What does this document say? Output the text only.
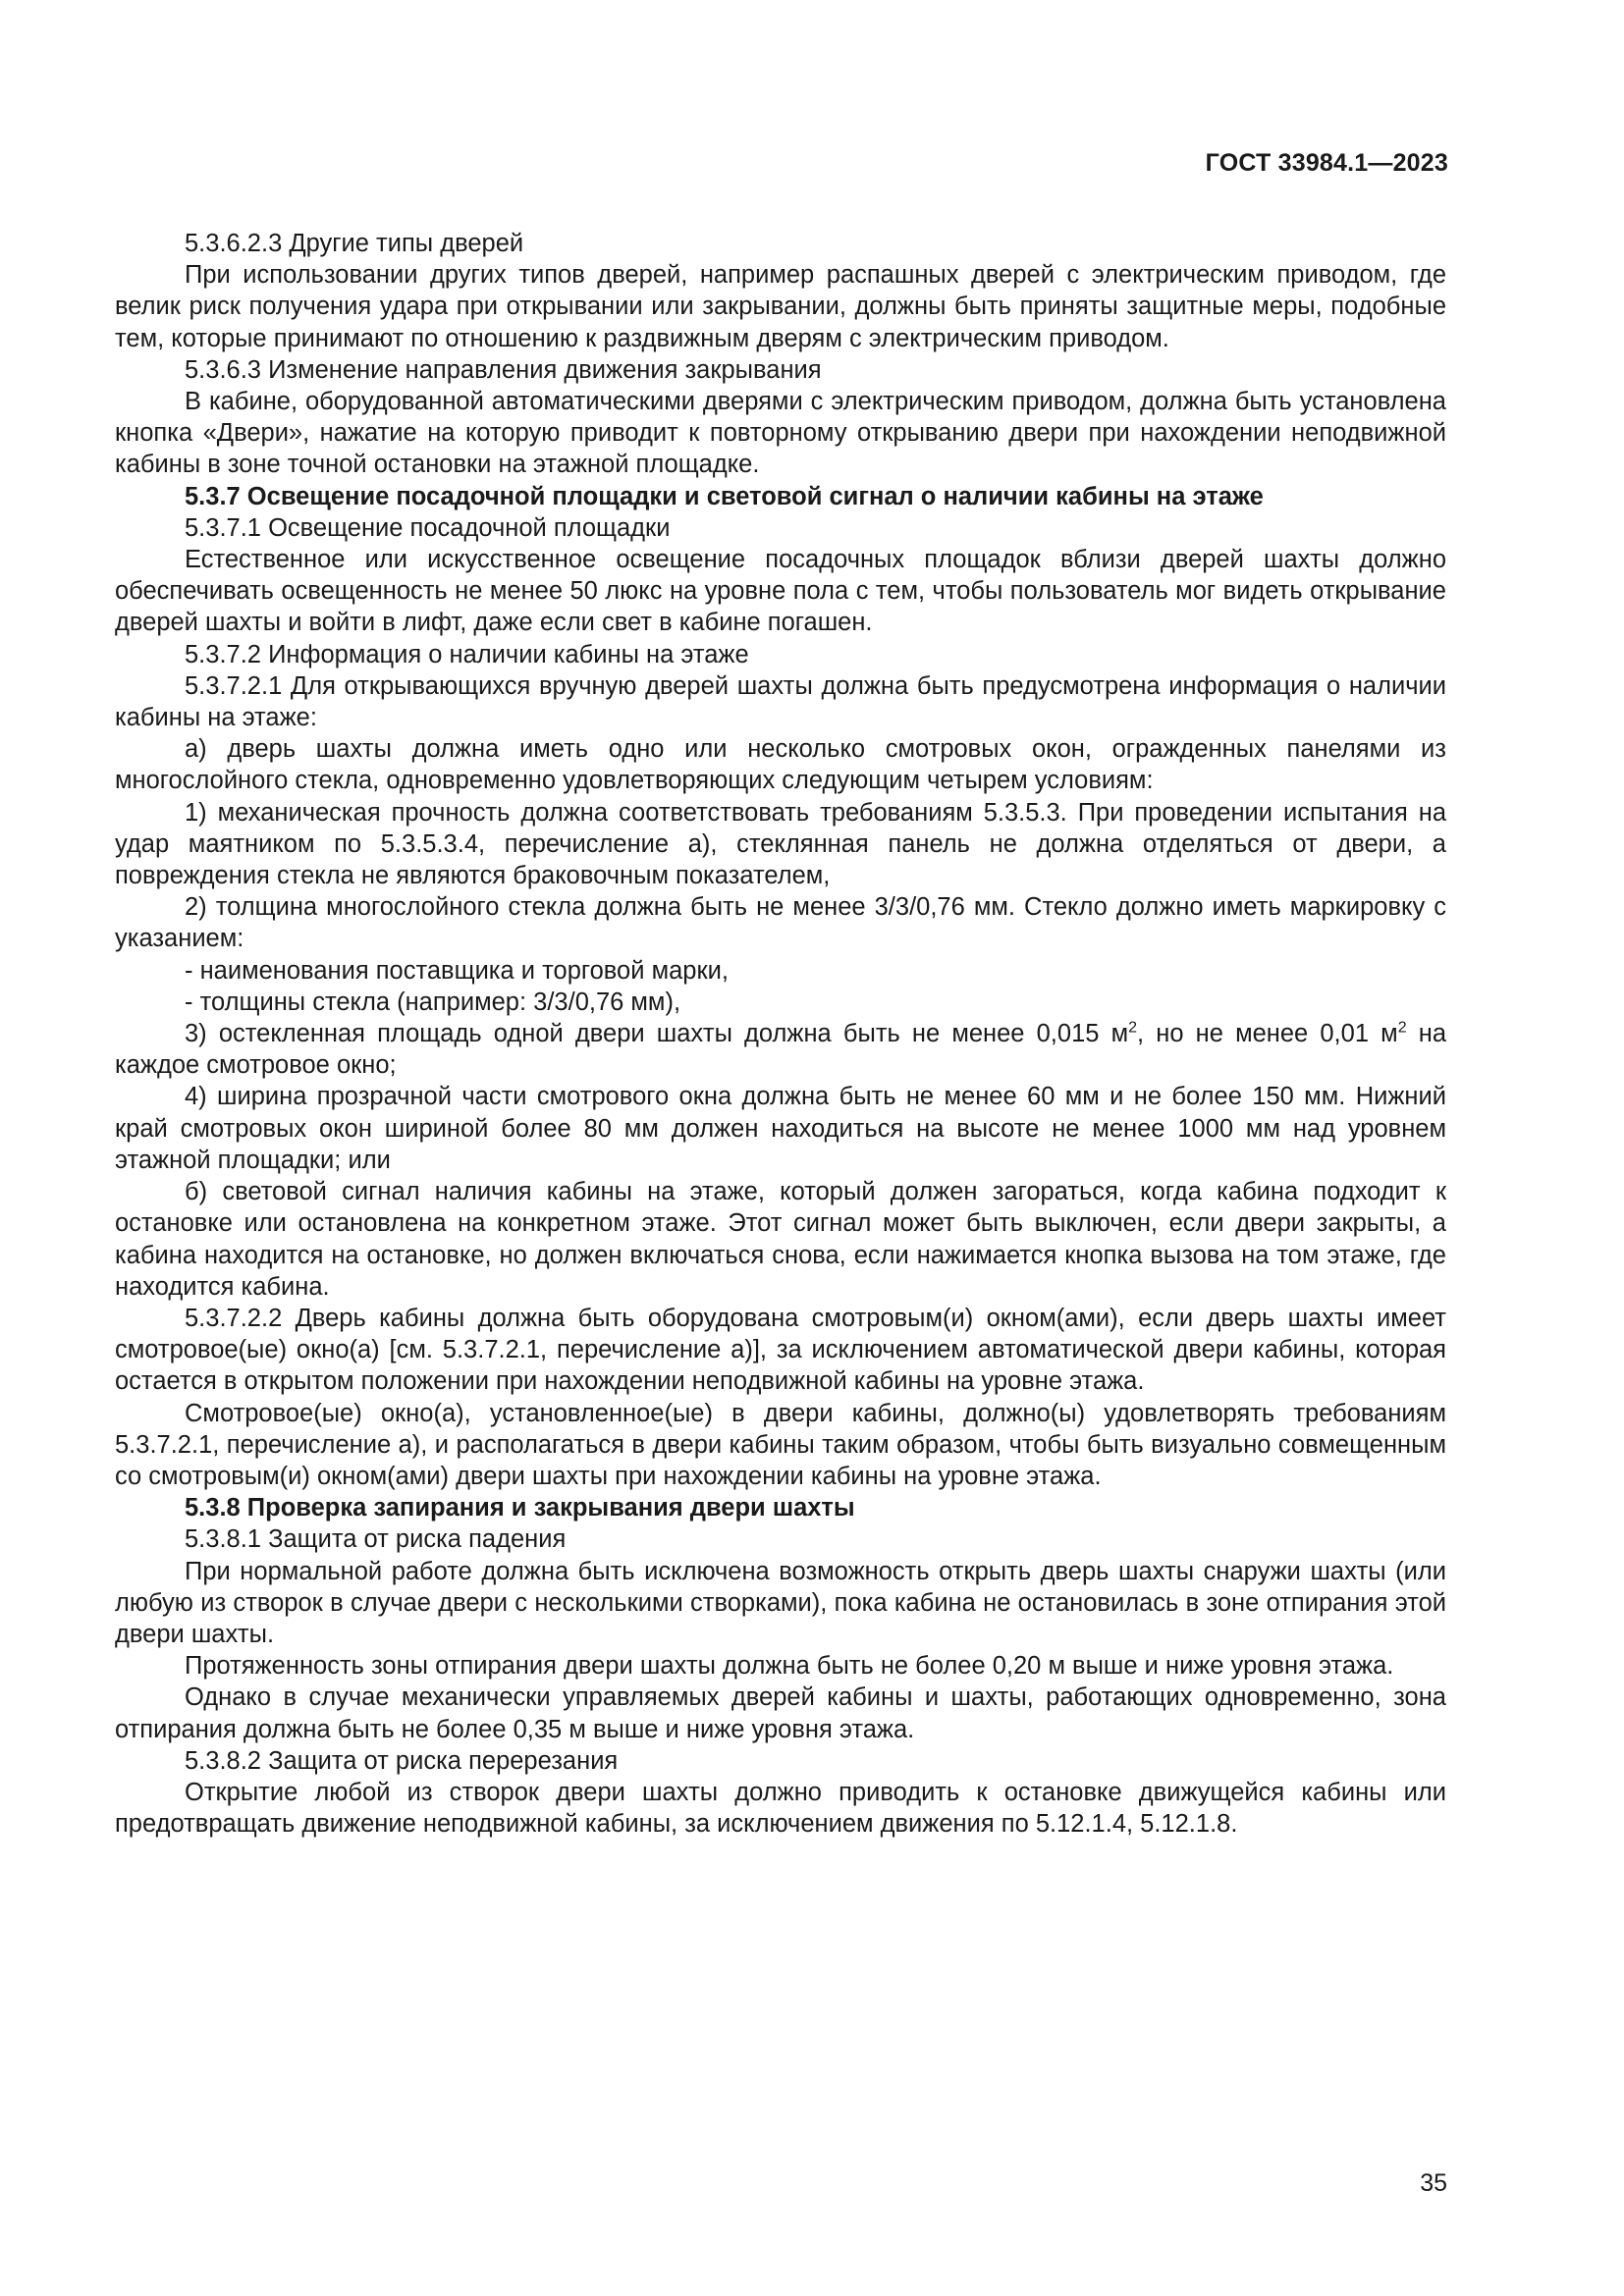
ГОСТ 33984.1—2023

5.3.6.2.3 Другие типы дверей

При использовании других типов дверей, например распашных дверей с электрическим приводом, где велик риск получения удара при открывании или закрывании, должны быть приняты защитные меры, подобные тем, которые принимают по отношению к раздвижным дверям с электрическим приводом.

5.3.6.3 Изменение направления движения закрывания

В кабине, оборудованной автоматическими дверями с электрическим приводом, должна быть установлена кнопка «Двери», нажатие на которую приводит к повторному открыванию двери при нахождении неподвижной кабины в зоне точной остановки на этажной площадке.

5.3.7 Освещение посадочной площадки и световой сигнал о наличии кабины на этаже

5.3.7.1 Освещение посадочной площадки

Естественное или искусственное освещение посадочных площадок вблизи дверей шахты должно обеспечивать освещенность не менее 50 люкс на уровне пола с тем, чтобы пользователь мог видеть открывание дверей шахты и войти в лифт, даже если свет в кабине погашен.

5.3.7.2 Информация о наличии кабины на этаже

5.3.7.2.1 Для открывающихся вручную дверей шахты должна быть предусмотрена информация о наличии кабины на этаже:

а) дверь шахты должна иметь одно или несколько смотровых окон, огражденных панелями из многослойного стекла, одновременно удовлетворяющих следующим четырем условиям:

1) механическая прочность должна соответствовать требованиям 5.3.5.3. При проведении испытания на удар маятником по 5.3.5.3.4, перечисление а), стеклянная панель не должна отделяться от двери, а повреждения стекла не являются браковочным показателем,

2) толщина многослойного стекла должна быть не менее 3/3/0,76 мм. Стекло должно иметь маркировку с указанием:

- наименования поставщика и торговой марки,

- толщины стекла (например: 3/3/0,76 мм),

3) остекленная площадь одной двери шахты должна быть не менее 0,015 $м^2$, но не менее 0,01 $м^2$ на каждое смотровое окно;

4) ширина прозрачной части смотрового окна должна быть не менее 60 мм и не более 150 мм. Нижний край смотровых окон шириной более 80 мм должен находиться на высоте не менее 1000 мм над уровнем этажной площадки; или

б) световой сигнал наличия кабины на этаже, который должен загораться, когда кабина подходит к остановке или остановлена на конкретном этаже. Этот сигнал может быть выключен, если двери закрыты, а кабина находится на остановке, но должен включаться снова, если нажимается кнопка вызова на том этаже, где находится кабина.

5.3.7.2.2 Дверь кабины должна быть оборудована смотровым(и) окном(ами), если дверь шахты имеет смотровое(ые) окно(а) [см. 5.3.7.2.1, перечисление а)], за исключением автоматической двери кабины, которая остается в открытом положении при нахождении неподвижной кабины на уровне этажа.

Смотровое(ые) окно(а), установленное(ые) в двери кабины, должно(ы) удовлетворять требованиям 5.3.7.2.1, перечисление а), и располагаться в двери кабины таким образом, чтобы быть визуально совмещенным со смотровым(и) окном(ами) двери шахты при нахождении кабины на уровне этажа.

5.3.8 Проверка запирания и закрывания двери шахты

5.3.8.1 Защита от риска падения

При нормальной работе должна быть исключена возможность открыть дверь шахты снаружи шахты (или любую из створок в случае двери с несколькими створками), пока кабина не остановилась в зоне отпирания этой двери шахты.

Протяженность зоны отпирания двери шахты должна быть не более 0,20 м выше и ниже уровня этажа.

Однако в случае механически управляемых дверей кабины и шахты, работающих одновременно, зона отпирания должна быть не более 0,35 м выше и ниже уровня этажа.

5.3.8.2 Защита от риска перерезания

Открытие любой из створок двери шахты должно приводить к остановке движущейся кабины или предотвращать движение неподвижной кабины, за исключением движения по 5.12.1.4, 5.12.1.8.

35
